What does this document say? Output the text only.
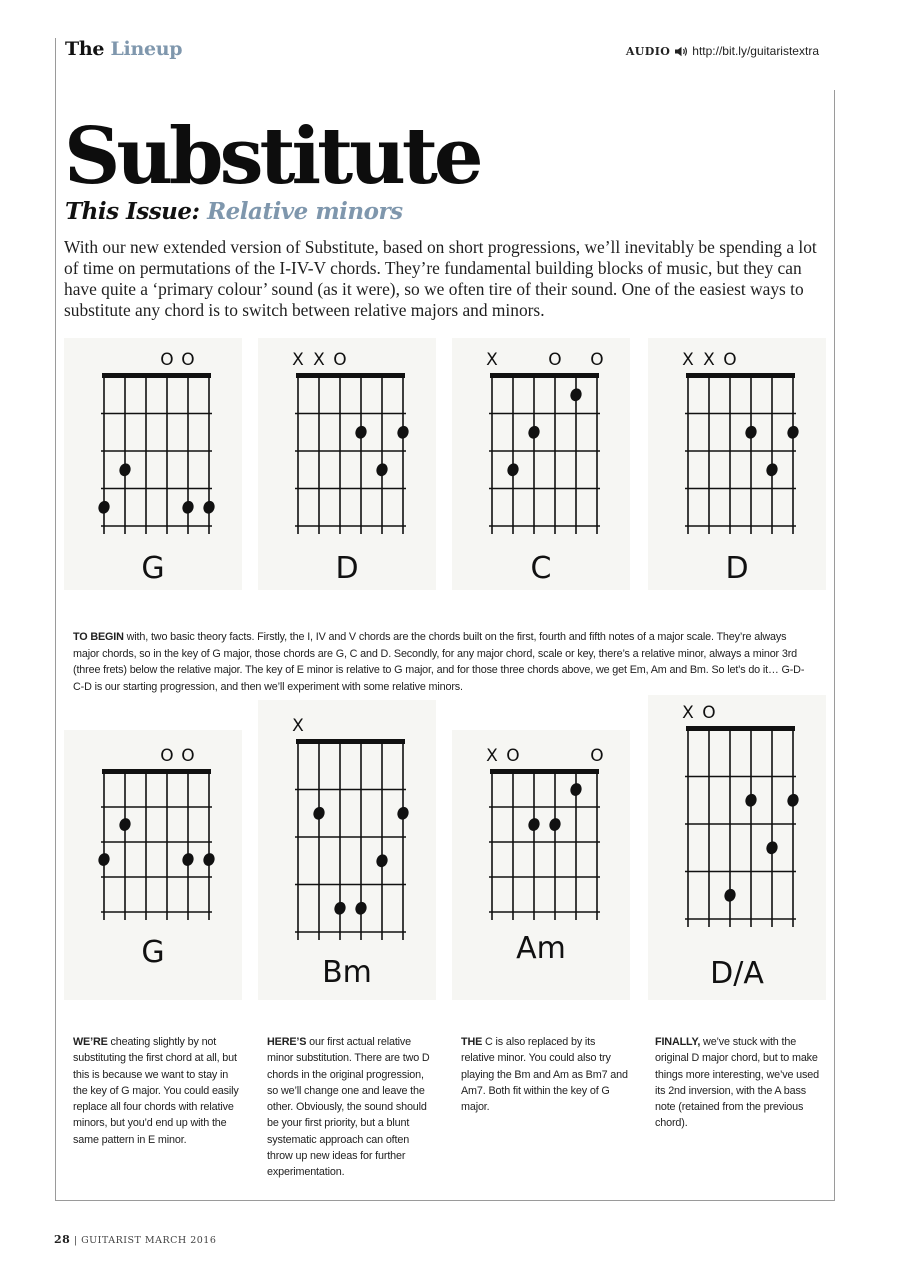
The Lineup	AUDIO http://bit.ly/guitaristextra
Substitute
This Issue: Relative minors
With our new extended version of Substitute, based on short progressions, we’ll inevitably be spending a lot of time on permutations of the I-IV-V chords. They’re fundamental building blocks of music, but they can have quite a ‘primary colour’ sound (as it were), so we often tire of their sound. One of the easiest ways to substitute any chord is to switch between relative majors and minors.
O O
G
X X O
D
X	O O
C
X X O
D
TO BEGIN with, two basic theory facts. Firstly, the I, IV and V chords are the chords built on the first, fourth and fifth notes of a major scale. They’re always major chords, so in the key of G major, those chords are G, C and D. Secondly, for any major chord, scale or key, there’s a relative minor, always a minor 3rd (three frets) below the relative major. The key of E minor is relative to G major, and for those three chords above, we get Em, Am and Bm. So let’s do it… G-D-C-D is our starting progression, and then we’ll experiment with some relative minors.
O O
G
X
Bm
X O	O
Am
X O
D/A
WE’RE cheating slightly by not substituting the first chord at all, but this is because we want to stay in the key of G major. You could easily replace all four chords with relative minors, but you’d end up with the same pattern in E minor.
HERE’S our first actual relative minor substitution. There are two D chords in the original progression, so we’ll change one and leave the other. Obviously, the sound should be your first priority, but a blunt systematic approach can often throw up new ideas for further experimentation.
THE C is also replaced by its relative minor. You could also try playing the Bm and Am as Bm7 and Am7. Both fit within the key of G major.
FINALLY, we’ve stuck with the original D major chord, but to make things more interesting, we’ve used its 2nd inversion, with the A bass note (retained from the previous chord).
28 | GUITARIST MARCH 2016
